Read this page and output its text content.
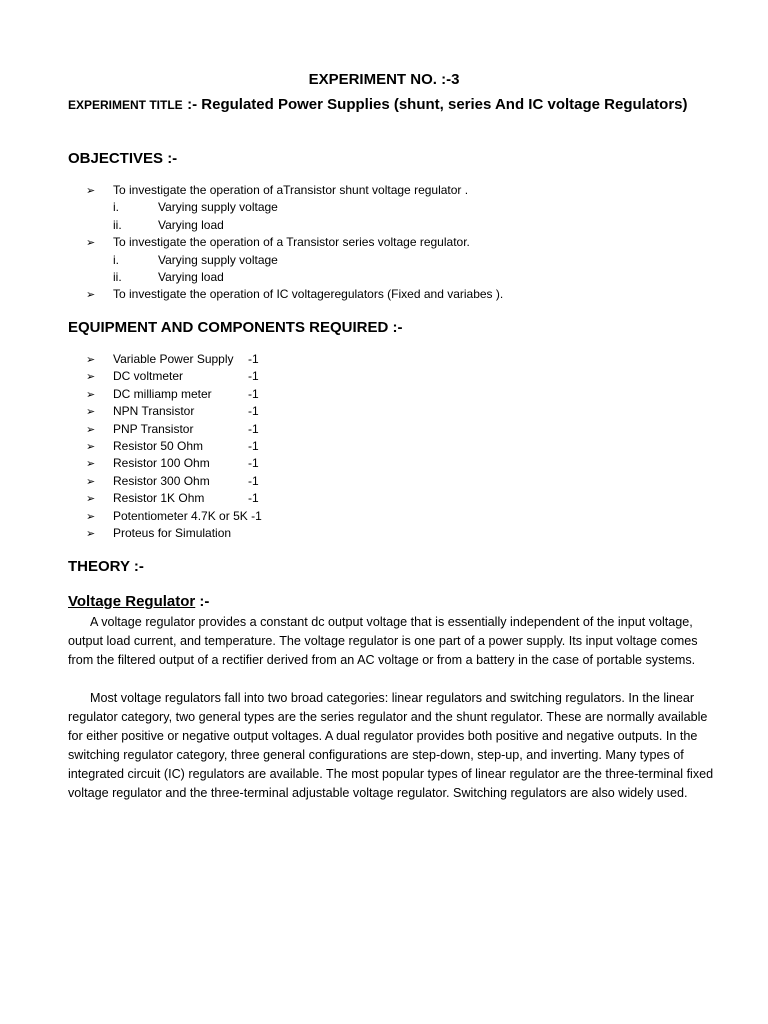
EXPERIMENT NO. :-3
EXPERIMENT TITLE :- Regulated Power Supplies (shunt, series And IC voltage Regulators)
OBJECTIVES :-
➢ To investigate the operation of aTransistor shunt voltage regulator .
i.	Varying supply voltage
ii.	Varying load
➢ To investigate the operation of a Transistor series voltage regulator.
i.	Varying supply voltage
ii.	Varying load
➢ To investigate the operation of IC voltageregulators (Fixed and variabes ).
EQUIPMENT AND COMPONENTS REQUIRED :-
➢ Variable Power Supply -1
➢ DC voltmeter	-1
➢ DC milliamp meter	-1
➢ NPN Transistor	-1
➢ PNP Transistor	-1
➢ Resistor 50 Ohm	-1
➢ Resistor 100 Ohm	-1
➢ Resistor 300 Ohm	-1
➢ Resistor 1K Ohm	-1
➢ Potentiometer 4.7K or 5K -1
➢ Proteus for Simulation
THEORY :-
Voltage Regulator :-

A voltage regulator provides a constant dc output voltage that is essentially independent of the input voltage, output load current, and temperature. The voltage regulator is one part of a power supply. Its input voltage comes from the filtered output of a rectifier derived from an AC voltage or from a battery in the case of portable systems.

Most voltage regulators fall into two broad categories: linear regulators and switching regulators. In the linear regulator category, two general types are the series regulator and the shunt regulator. These are normally available for either positive or negative output voltages. A dual regulator provides both positive and negative outputs. In the switching regulator category, three general configurations are step-down, step-up, and inverting. Many types of integrated circuit (IC) regulators are available. The most popular types of linear regulator are the three-terminal fixed voltage regulator and the three-terminal adjustable voltage regulator. Switching regulators are also widely used.
